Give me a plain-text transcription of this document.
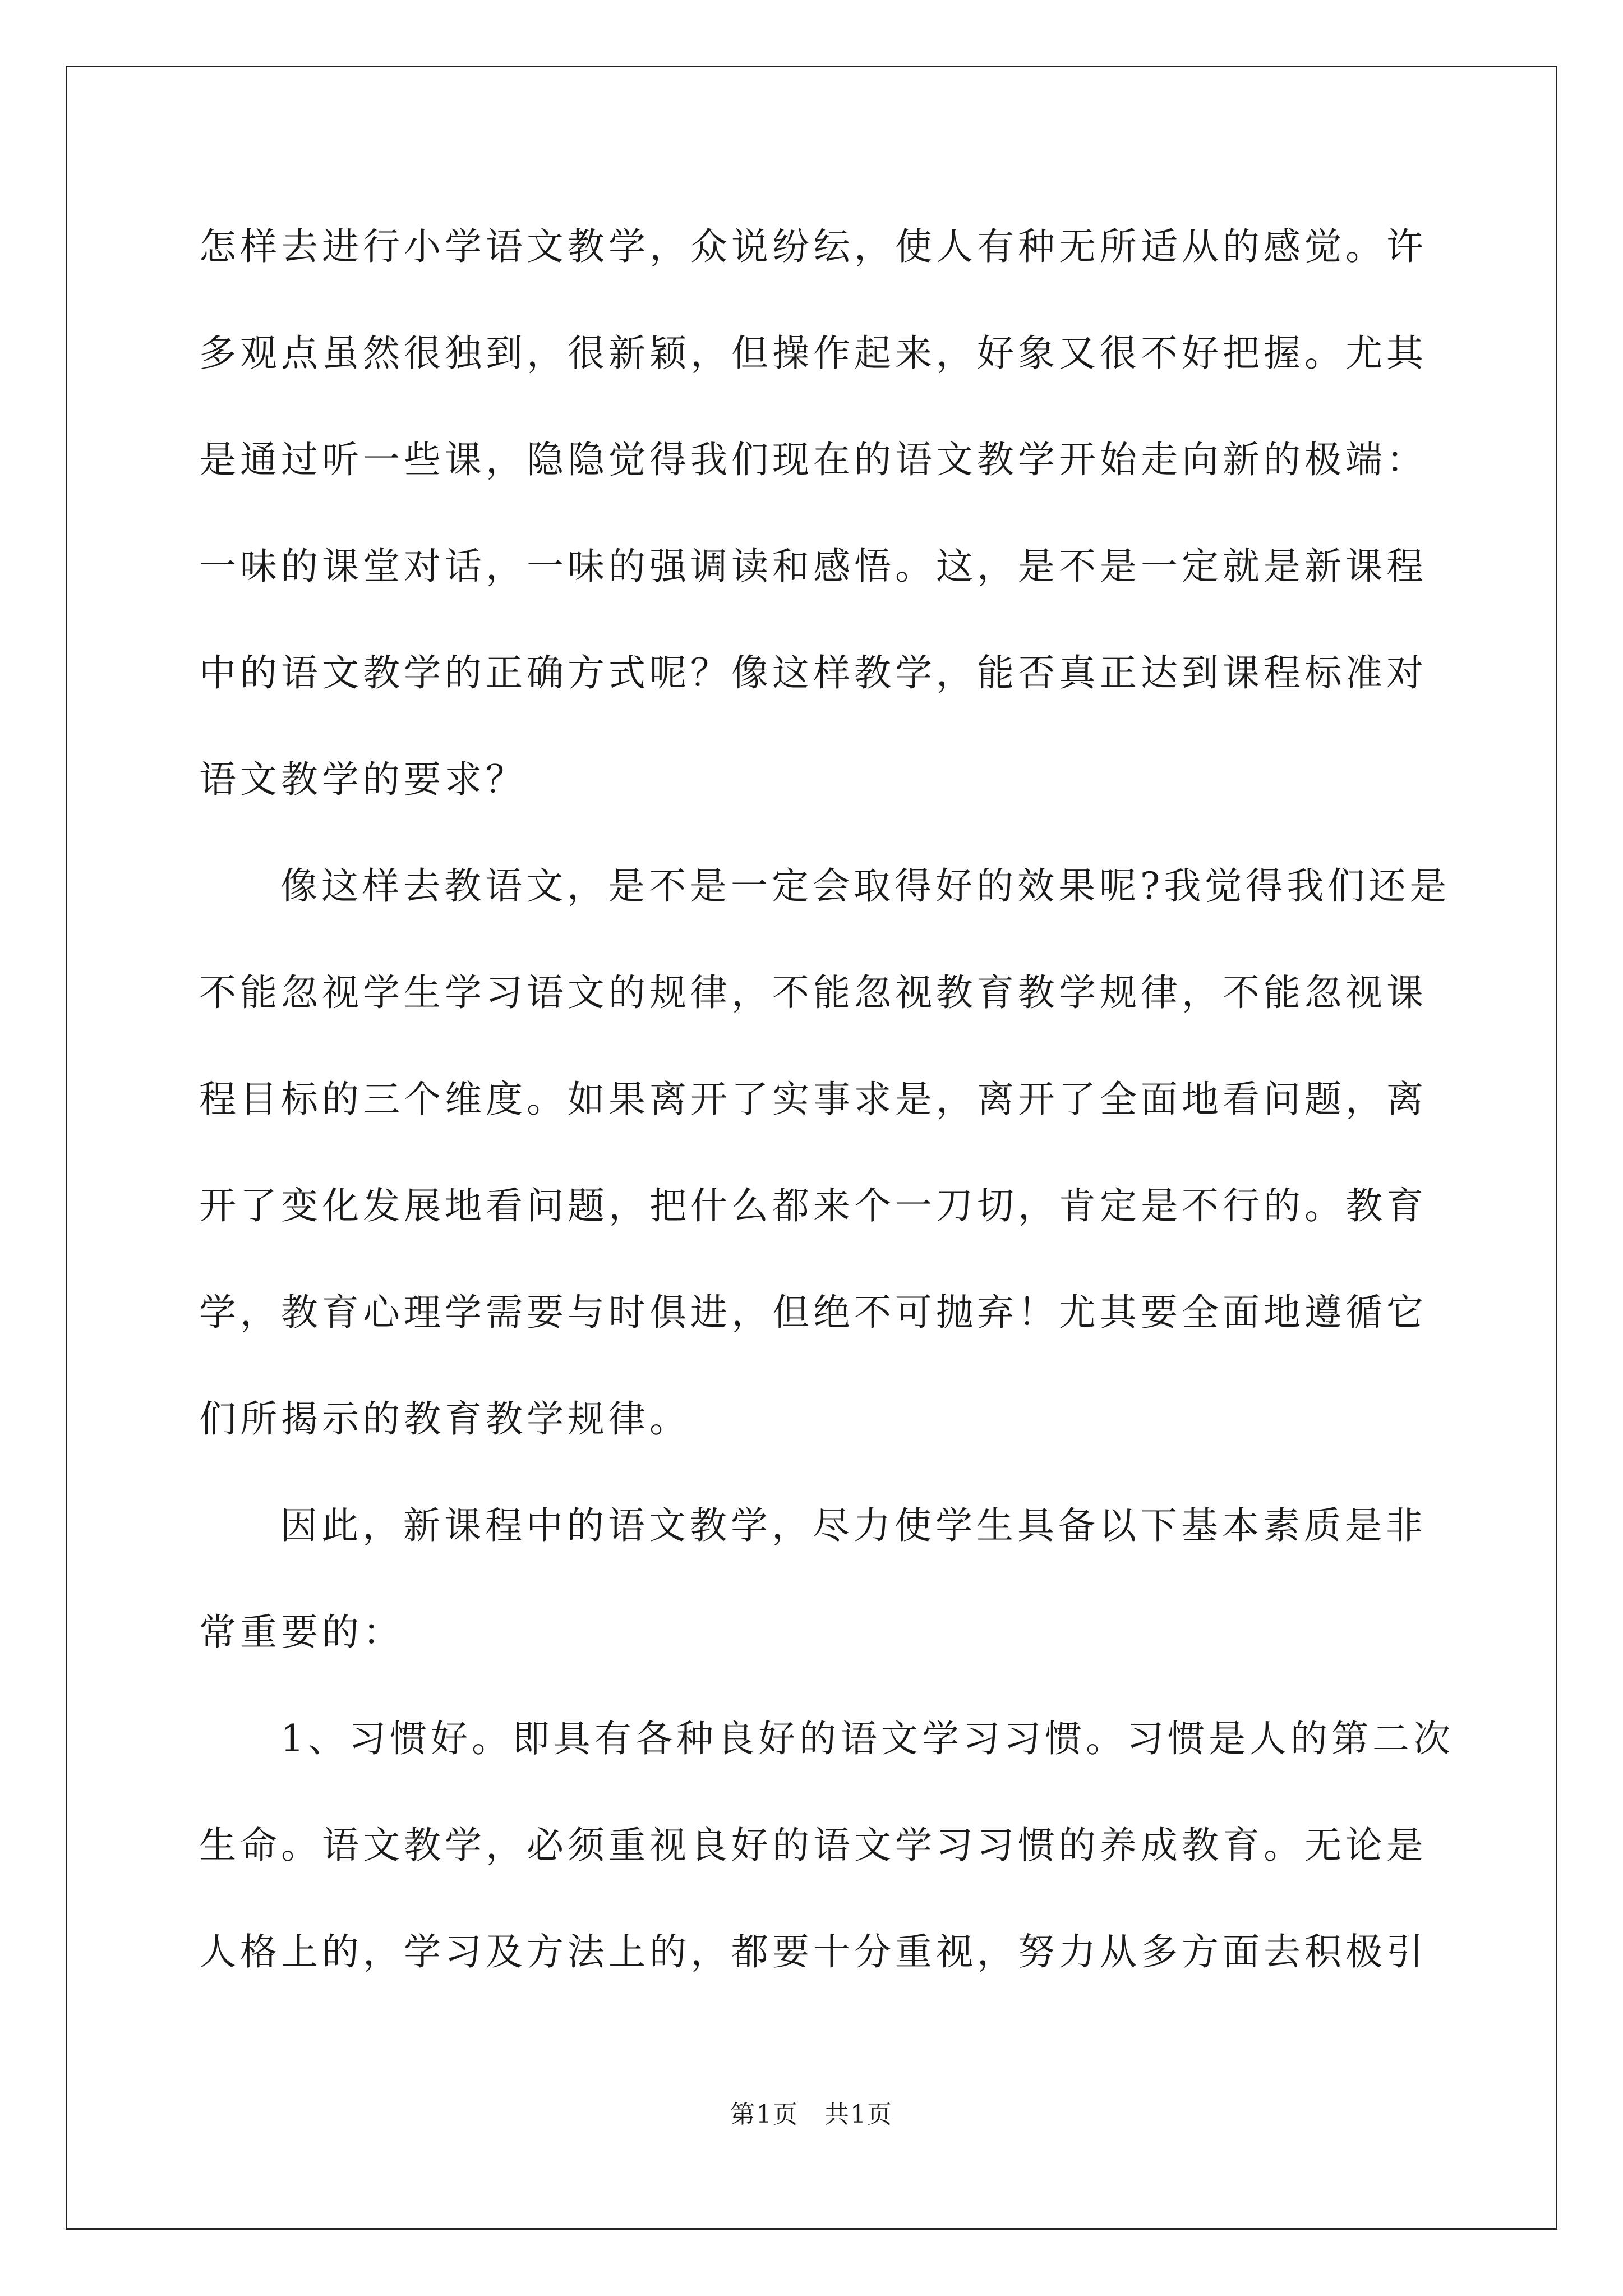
怎样去进行小学语文教学，众说纷纭，使人有种无所适从的感觉。许
多观点虽然很独到，很新颖，但操作起来，好象又很不好把握。尤其
是通过听一些课，隐隐觉得我们现在的语文教学开始走向新的极端：
一味的课堂对话，一味的强调读和感悟。这，是不是一定就是新课程
中的语文教学的正确方式呢？像这样教学，能否真正达到课程标准对
语文教学的要求？
像这样去教语文，是不是一定会取得好的效果呢?我觉得我们还是
不能忽视学生学习语文的规律，不能忽视教育教学规律，不能忽视课
程目标的三个维度。如果离开了实事求是，离开了全面地看问题，离
开了变化发展地看问题，把什么都来个一刀切，肯定是不行的。教育
学，教育心理学需要与时俱进，但绝不可抛弃！尤其要全面地遵循它
们所揭示的教育教学规律。
因此，新课程中的语文教学，尽力使学生具备以下基本素质是非
常重要的：
1、习惯好。即具有各种良好的语文学习习惯。习惯是人的第二次
生命。语文教学，必须重视良好的语文学习习惯的养成教育。无论是
人格上的，学习及方法上的，都要十分重视，努力从多方面去积极引
第1页　共1页
